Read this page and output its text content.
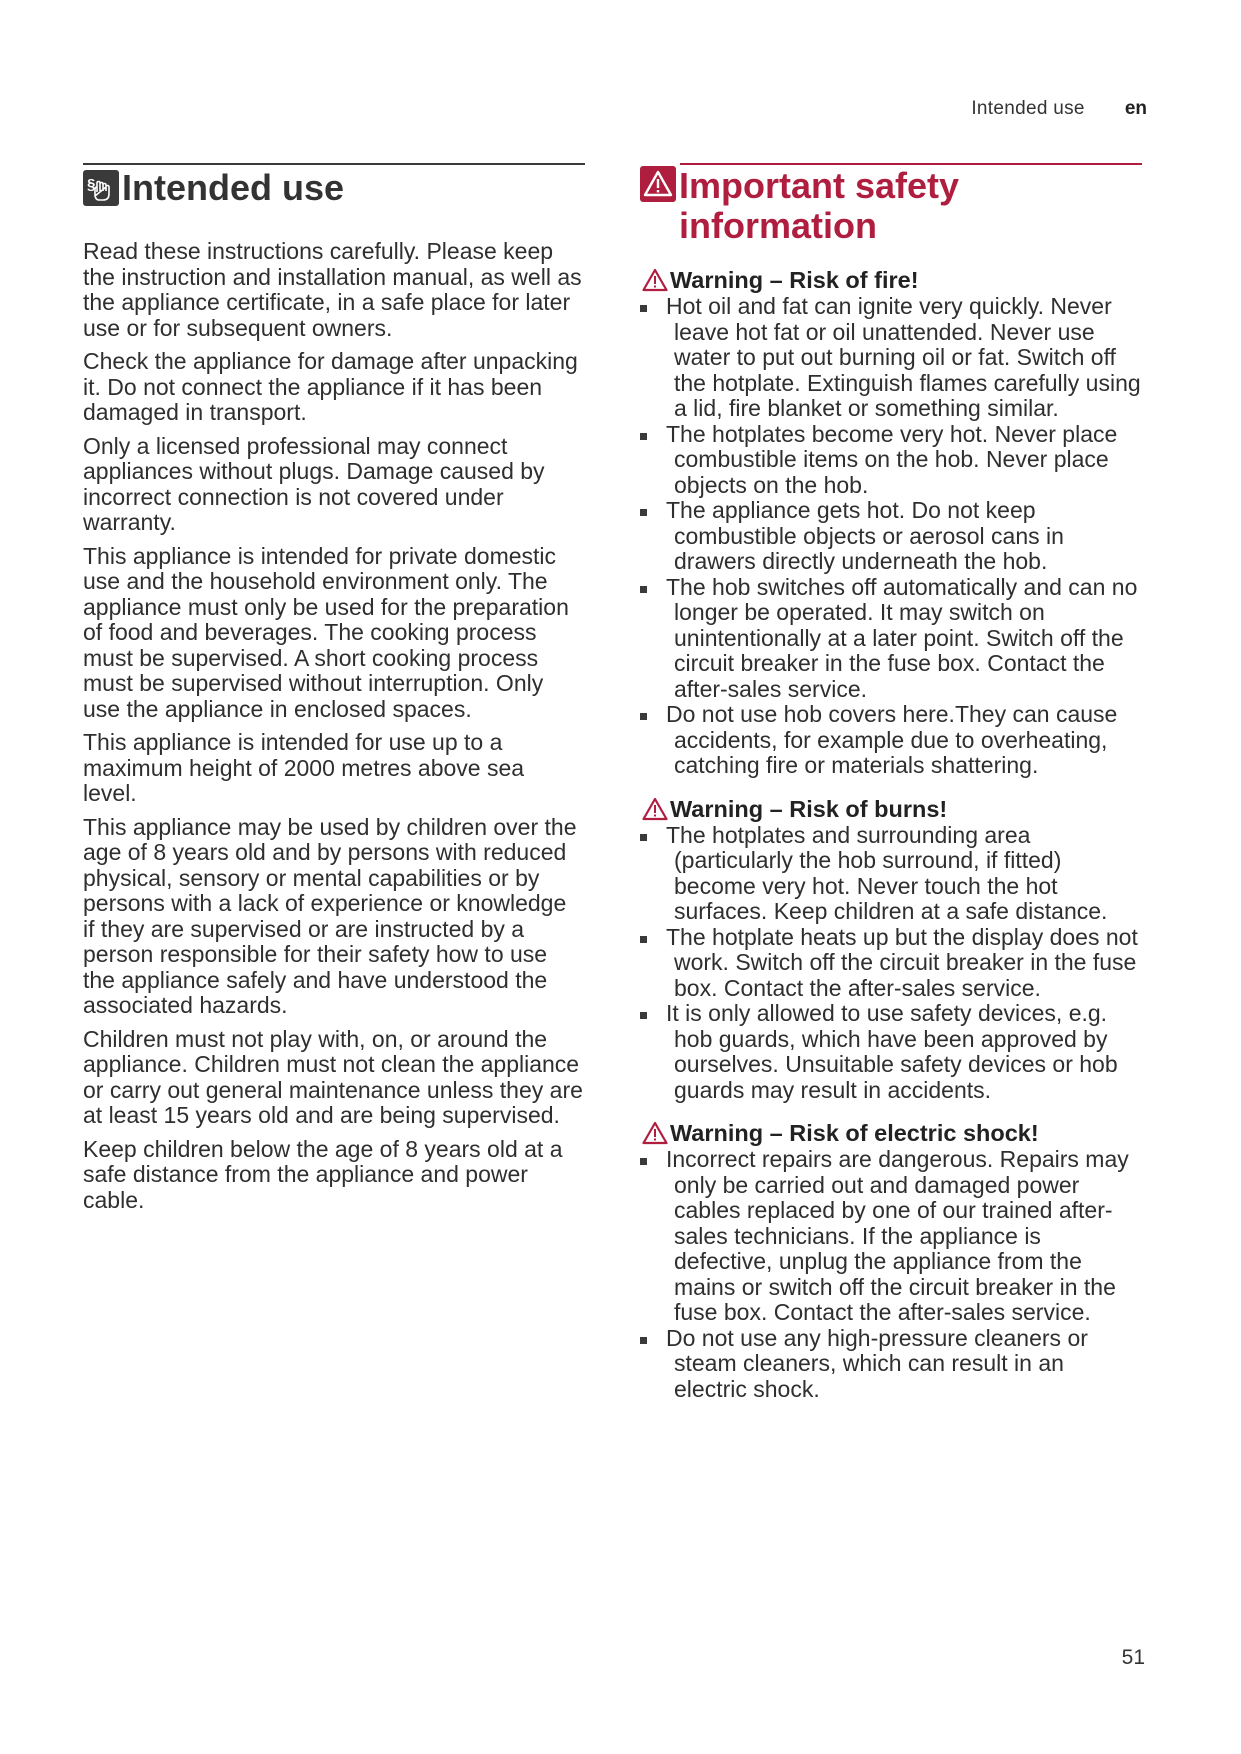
Intended use en
§ Intended use

Read these instructions carefully. Please keep the instruction and installation manual, as well as the appliance certificate, in a safe place for later use or for subsequent owners.

Check the appliance for damage after unpacking it. Do not connect the appliance if it has been damaged in transport.

Only a licensed professional may connect appliances without plugs. Damage caused by incorrect connection is not covered under warranty.

This appliance is intended for private domestic use and the household environment only. The appliance must only be used for the preparation of food and beverages. The cooking process must be supervised. A short cooking process must be supervised without interruption. Only use the appliance in enclosed spaces.

This appliance is intended for use up to a maximum height of 2000 metres above sea level.

This appliance may be used by children over the age of 8 years old and by persons with reduced physical, sensory or mental capabilities or by persons with a lack of experience or knowledge if they are supervised or are instructed by a person responsible for their safety how to use the appliance safely and have understood the associated hazards.

Children must not play with, on, or around the appliance. Children must not clean the appliance or carry out general maintenance unless they are at least 15 years old and are being supervised.

Keep children below the age of 8 years old at a safe distance from the appliance and power cable.

Important safety
information
Warning – Risk of fire!
Hot oil and fat can ignite very quickly. Never leave hot fat or oil unattended. Never use water to put out burning oil or fat. Switch off the hotplate. Extinguish flames carefully using a lid, fire blanket or something similar.
The hotplates become very hot. Never place combustible items on the hob. Never place objects on the hob.
The appliance gets hot. Do not keep combustible objects or aerosol cans in drawers directly underneath the hob.
The hob switches off automatically and can no longer be operated. It may switch on unintentionally at a later point. Switch off the circuit breaker in the fuse box. Contact the after-sales service.
Do not use hob covers here.They can cause accidents, for example due to overheating, catching fire or materials shattering.
Warning – Risk of burns!
The hotplates and surrounding area (particularly the hob surround, if fitted) become very hot. Never touch the hot surfaces. Keep children at a safe distance.
The hotplate heats up but the display does not work. Switch off the circuit breaker in the fuse box. Contact the after-sales service.
It is only allowed to use safety devices, e.g. hob guards, which have been approved by ourselves. Unsuitable safety devices or hob guards may result in accidents.
Warning – Risk of electric shock!
Incorrect repairs are dangerous. Repairs may only be carried out and damaged power cables replaced by one of our trained after-sales technicians. If the appliance is defective, unplug the appliance from the mains or switch off the circuit breaker in the fuse box. Contact the after-sales service.
Do not use any high-pressure cleaners or steam cleaners, which can result in an electric shock.
51
